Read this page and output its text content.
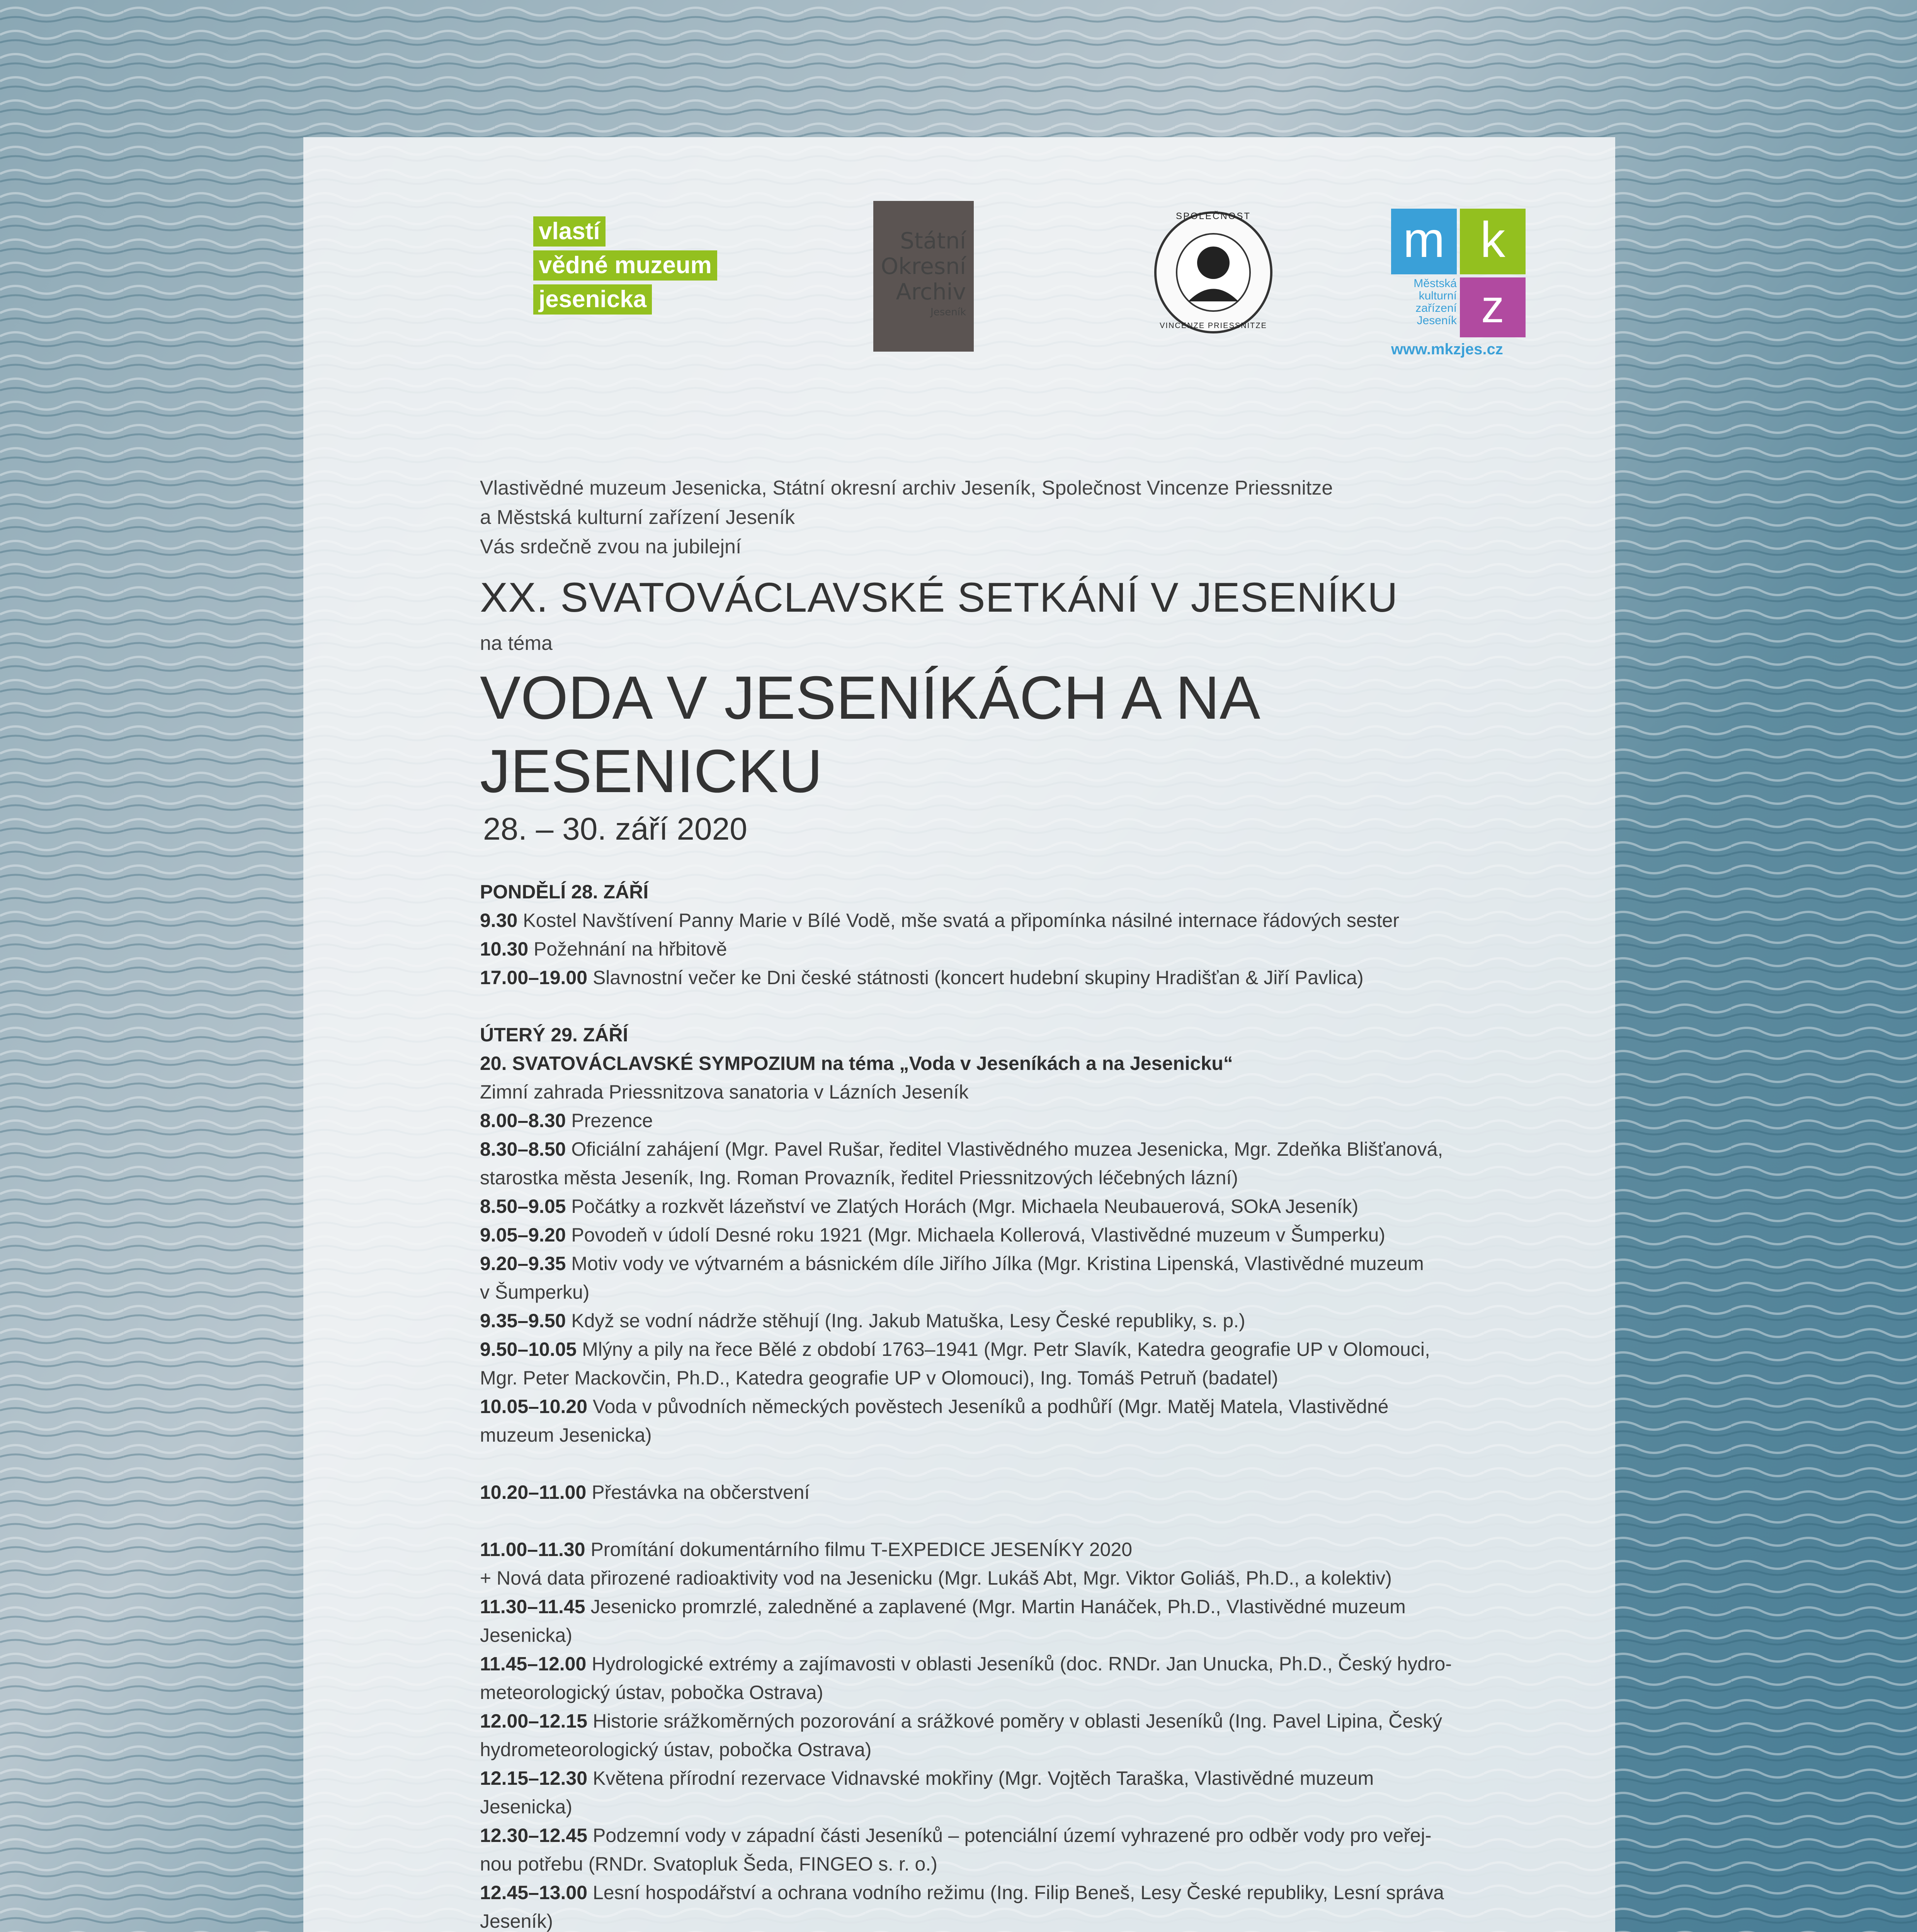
vlastí
vědné muzeum
jesenicka
Státní
Okresní
Archiv
Jeseník
SPOLEČNOST
VINCENZE PRIESSNITZE
m k
z
Městská
kulturní
zařízení
Jeseník
www.mkzjes.cz

Vlastivědné muzeum Jesenicka, Státní okresní archiv Jeseník, Společnost Vincenze Priessnitze

a Městská kulturní zařízení Jeseník

Vás srdečně zvou na jubilejní

XX. SVATOVÁCLAVSKÉ SETKÁNÍ V JESENÍKU

na téma

VODA V JESENÍKÁCH A NA JESENICKU

28. – 30. září 2020

PONDĚLÍ 28. ZÁŘÍ

9.30 Kostel Navštívení Panny Marie v Bílé Vodě, mše svatá a připomínka násilné internace řádových sester

10.30 Požehnání na hřbitově

17.00–19.00 Slavnostní večer ke Dni české státnosti (koncert hudební skupiny Hradišťan & Jiří Pavlica)

ÚTERÝ 29. ZÁŘÍ

20. SVATOVÁCLAVSKÉ SYMPOZIUM na téma „Voda v Jeseníkách a na Jesenicku“

Zimní zahrada Priessnitzova sanatoria v Lázních Jeseník

8.00–8.30 Prezence

8.30–8.50 Oficiální zahájení (Mgr. Pavel Rušar, ředitel Vlastivědného muzea Jesenicka, Mgr. Zdeňka Blišťanová,

starostka města Jeseník, Ing. Roman Provazník, ředitel Priessnitzových léčebných lázní)

8.50–9.05 Počátky a rozkvět lázeňství ve Zlatých Horách (Mgr. Michaela Neubauerová, SOkA Jeseník)

9.05–9.20 Povodeň v údolí Desné roku 1921 (Mgr. Michaela Kollerová, Vlastivědné muzeum v Šumperku)

9.20–9.35 Motiv vody ve výtvarném a básnickém díle Jiřího Jílka (Mgr. Kristina Lipenská, Vlastivědné muzeum

v Šumperku)

9.35–9.50 Když se vodní nádrže stěhují (Ing. Jakub Matuška, Lesy České republiky, s. p.)

9.50–10.05 Mlýny a pily na řece Bělé z období 1763–1941 (Mgr. Petr Slavík, Katedra geografie UP v Olomouci,

Mgr. Peter Mackovčin, Ph.D., Katedra geografie UP v Olomouci), Ing. Tomáš Petruň (badatel)

10.05–10.20 Voda v původních německých pověstech Jeseníků a podhůří (Mgr. Matěj Matela, Vlastivědné

muzeum Jesenicka)

10.20–11.00 Přestávka na občerstvení

11.00–11.30 Promítání dokumentárního filmu T-EXPEDICE JESENÍKY 2020

+ Nová data přirozené radioaktivity vod na Jesenicku (Mgr. Lukáš Abt, Mgr. Viktor Goliáš, Ph.D., a kolektiv)

11.30–11.45 Jesenicko promrzlé, zaledněné a zaplavené (Mgr. Martin Hanáček, Ph.D., Vlastivědné muzeum

Jesenicka)

11.45–12.00 Hydrologické extrémy a zajímavosti v oblasti Jeseníků (doc. RNDr. Jan Unucka, Ph.D., Český hydro-

meteorologický ústav, pobočka Ostrava)

12.00–12.15 Historie srážkoměrných pozorování a srážkové poměry v oblasti Jeseníků (Ing. Pavel Lipina, Český

hydrometeorologický ústav, pobočka Ostrava)

12.15–12.30 Květena přírodní rezervace Vidnavské mokřiny (Mgr. Vojtěch Taraška, Vlastivědné muzeum

Jesenicka)

12.30–12.45 Podzemní vody v západní části Jeseníků – potenciální území vyhrazené pro odběr vody pro veřej-

nou potřebu (RNDr. Svatopluk Šeda, FINGEO s. r. o.)

12.45–13.00 Lesní hospodářství a ochrana vodního režimu (Ing. Filip Beneš, Lesy České republiky, Lesní správa

Jeseník)
